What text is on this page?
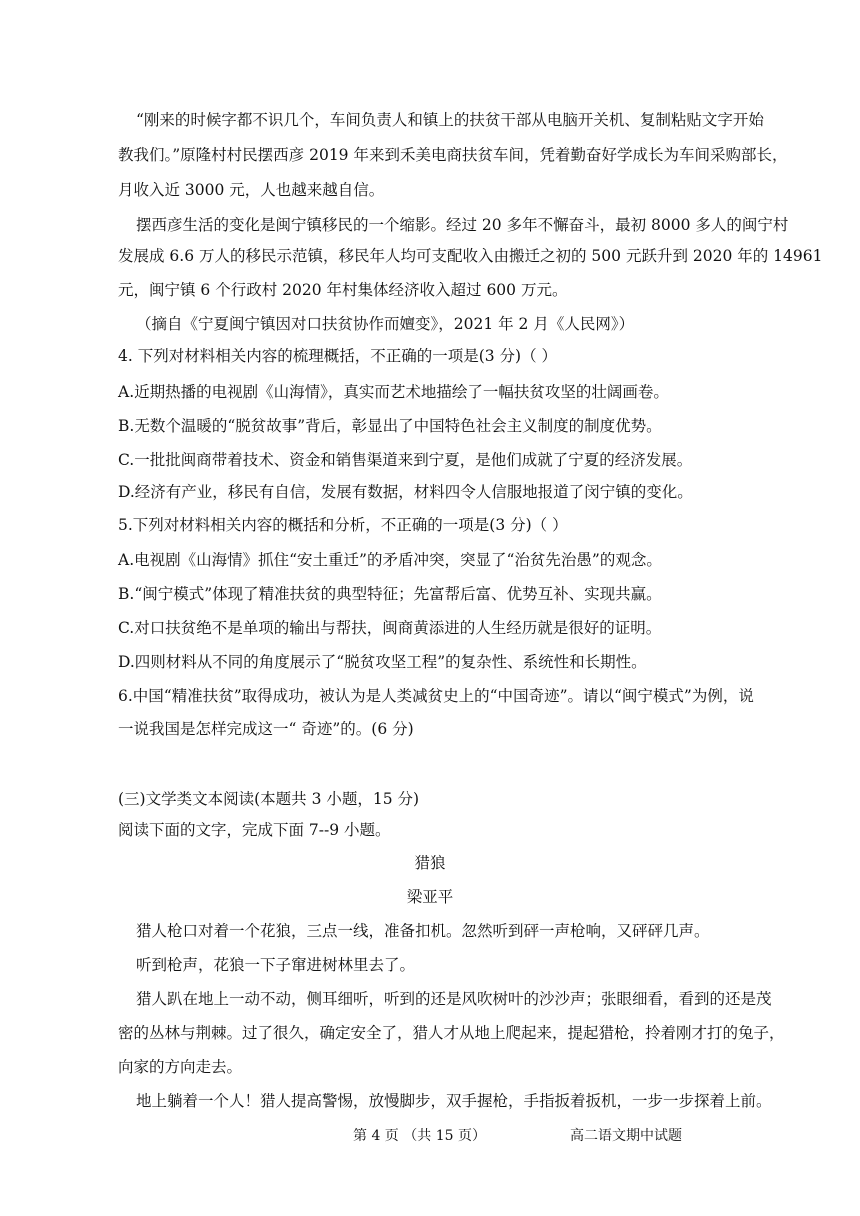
“刚来的时候字都不识几个，车间负责人和镇上的扶贫干部从电脑开关机、复制粘贴文字开始
教我们。”原隆村村民摆西彦 2019 年来到禾美电商扶贫车间，凭着勤奋好学成长为车间采购部长，
月收入近 3000 元，人也越来越自信。
摆西彦生活的变化是闽宁镇移民的一个缩影。经过 20 多年不懈奋斗，最初 8000 多人的闽宁村
发展成 6.6 万人的移民示范镇，移民年人均可支配收入由搬迁之初的 500 元跃升到 2020 年的 14961
元，闽宁镇 6 个行政村 2020 年村集体经济收入超过 600 万元。
（摘自《宁夏闽宁镇因对口扶贫协作而嬗变》，2021 年 2 月《人民网》）
4. 下列对材料相关内容的梳理概括，不正确的一项是(3 分)（ ）
A.近期热播的电视剧《山海情》，真实而艺术地描绘了一幅扶贫攻坚的壮阔画卷。
B.无数个温暖的“脱贫故事”背后，彰显出了中国特色社会主义制度的制度优势。
C.一批批闽商带着技术、资金和销售渠道来到宁夏，是他们成就了宁夏的经济发展。
D.经济有产业，移民有自信，发展有数据，材料四令人信服地报道了闵宁镇的变化。
5.下列对材料相关内容的概括和分析，不正确的一项是(3 分)（ ）
A.电视剧《山海情》抓住“安土重迁”的矛盾冲突，突显了“治贫先治愚”的观念。
B.“闽宁模式”体现了精准扶贫的典型特征；先富帮后富、优势互补、实现共赢。
C.对口扶贫绝不是单项的输出与帮扶，闽商黄添进的人生经历就是很好的证明。
D.四则材料从不同的角度展示了“脱贫攻坚工程”的复杂性、系统性和长期性。
6.中国“精准扶贫”取得成功，被认为是人类减贫史上的“中国奇迹”。请以“闽宁模式”为例，说
一说我国是怎样完成这一“ 奇迹”的。(6 分)
(三)文学类文本阅读(本题共 3 小题，15 分)
阅读下面的文字，完成下面 7--9 小题。
猎狼
梁亚平
猎人枪口对着一个花狼，三点一线，准备扣机。忽然听到砰一声枪响，又砰砰几声。
听到枪声，花狼一下子窜进树林里去了。
猎人趴在地上一动不动，侧耳细听，听到的还是风吹树叶的沙沙声；张眼细看，看到的还是茂
密的丛林与荆棘。过了很久，确定安全了，猎人才从地上爬起来，提起猎枪，拎着刚才打的兔子，
向家的方向走去。
地上躺着一个人！猎人提高警惕，放慢脚步，双手握枪，手指扳着扳机，一步一步探着上前。
第 4 页 （共 15 页）	高二语文期中试题
